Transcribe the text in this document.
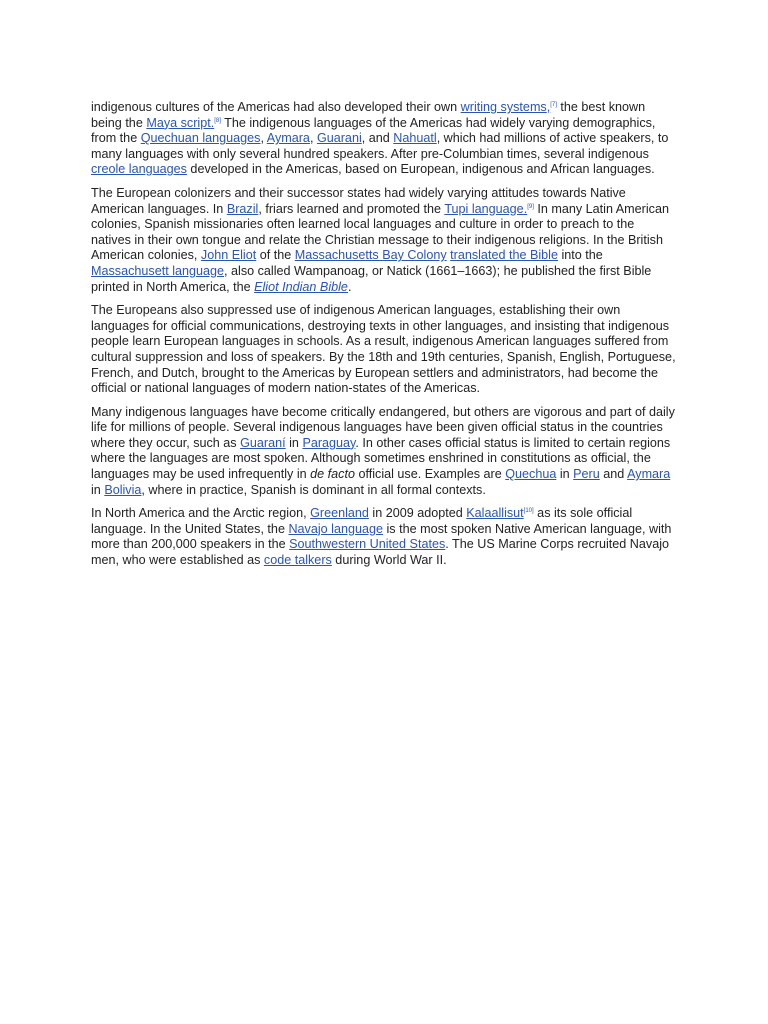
indigenous cultures of the Americas had also developed their own writing systems,[7] the best known being the Maya script.[8] The indigenous languages of the Americas had widely varying demographics, from the Quechuan languages, Aymara, Guarani, and Nahuatl, which had millions of active speakers, to many languages with only several hundred speakers. After pre-Columbian times, several indigenous creole languages developed in the Americas, based on European, indigenous and African languages.

The European colonizers and their successor states had widely varying attitudes towards Native American languages. In Brazil, friars learned and promoted the Tupi language.[9] In many Latin American colonies, Spanish missionaries often learned local languages and culture in order to preach to the natives in their own tongue and relate the Christian message to their indigenous religions. In the British American colonies, John Eliot of the Massachusetts Bay Colony translated the Bible into the Massachusett language, also called Wampanoag, or Natick (1661–1663); he published the first Bible printed in North America, the Eliot Indian Bible.

The Europeans also suppressed use of indigenous American languages, establishing their own languages for official communications, destroying texts in other languages, and insisting that indigenous people learn European languages in schools. As a result, indigenous American languages suffered from cultural suppression and loss of speakers. By the 18th and 19th centuries, Spanish, English, Portuguese, French, and Dutch, brought to the Americas by European settlers and administrators, had become the official or national languages of modern nation-states of the Americas.

Many indigenous languages have become critically endangered, but others are vigorous and part of daily life for millions of people. Several indigenous languages have been given official status in the countries where they occur, such as Guaraní in Paraguay. In other cases official status is limited to certain regions where the languages are most spoken. Although sometimes enshrined in constitutions as official, the languages may be used infrequently in de facto official use. Examples are Quechua in Peru and Aymara in Bolivia, where in practice, Spanish is dominant in all formal contexts.

In North America and the Arctic region, Greenland in 2009 adopted Kalaallisut[10] as its sole official language. In the United States, the Navajo language is the most spoken Native American language, with more than 200,000 speakers in the Southwestern United States. The US Marine Corps recruited Navajo men, who were established as code talkers during World War II.
